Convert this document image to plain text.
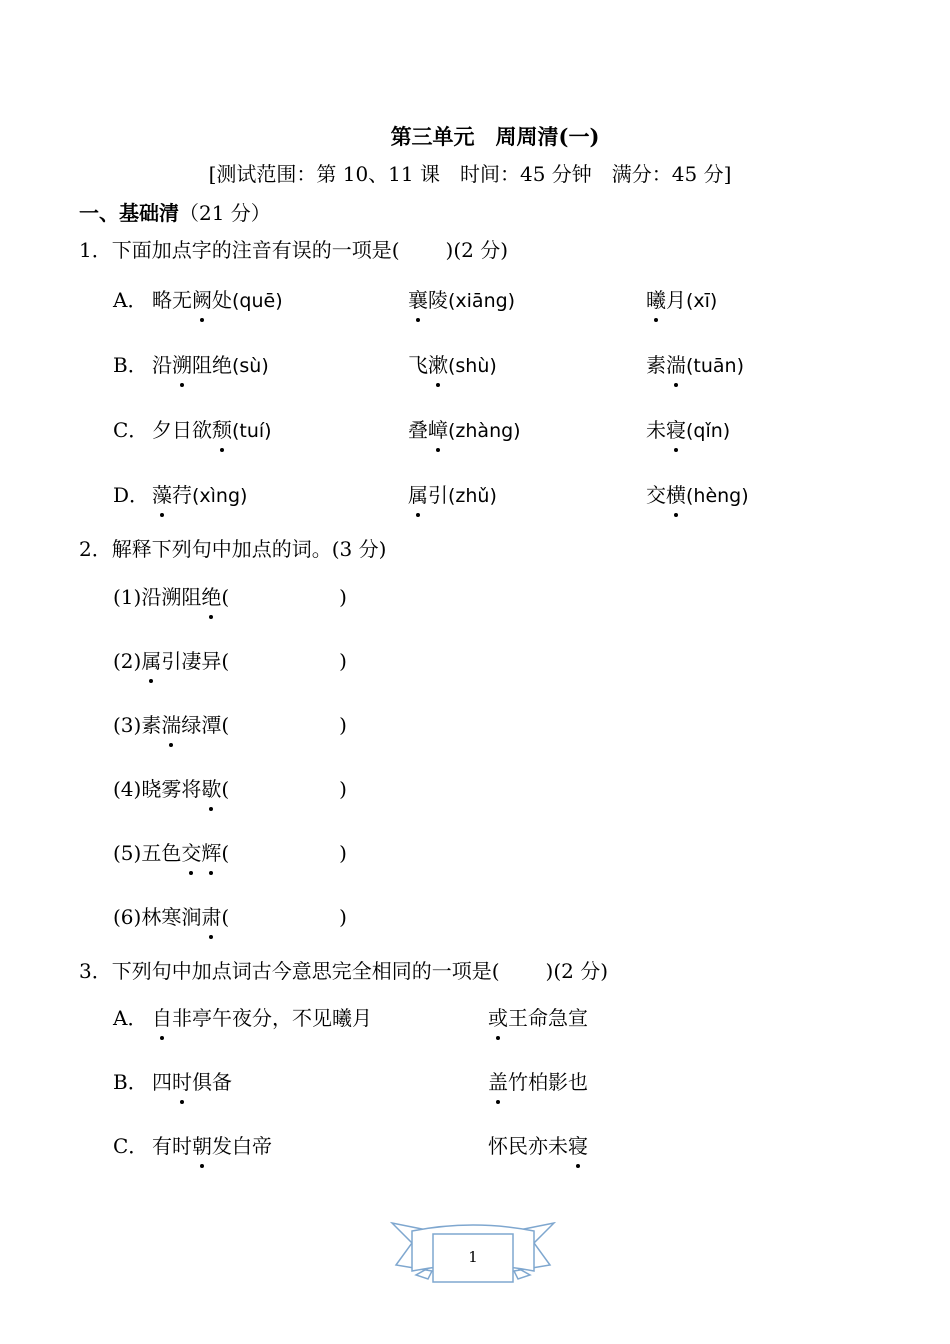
第三单元　周周清(一)
[测试范围：第 10、11 课　时间：45 分钟　满分：45 分]
一、基础清（21 分）
1．下面加点字的注音有误的一项是( )(2 分)
A． 略无阙处(quē)	襄陵(xiāng)	曦月(xī)
B． 沿溯阻绝(sù)	飞漱(shù)	素湍(tuān)
C． 夕日欲颓(tuí)	叠嶂(zhàng)	未寝(qǐn)
D． 藻荇(xìng)	属引(zhǔ)	交横(hèng)
2．解释下列句中加点的词。(3 分)
(1)沿溯阻绝(	)
(2)属引凄异(	)
(3)素湍绿潭(	)
(4)晓雾将歇(	)
(5)五色交辉(	)
(6)林寒涧肃(	)
3．下列句中加点词古今意思完全相同的一项是( )(2 分)
A． 自非亭午夜分，不见曦月	或王命急宣
B． 四时俱备	盖竹柏影也
C． 有时朝发白帝	怀民亦未寝
1
